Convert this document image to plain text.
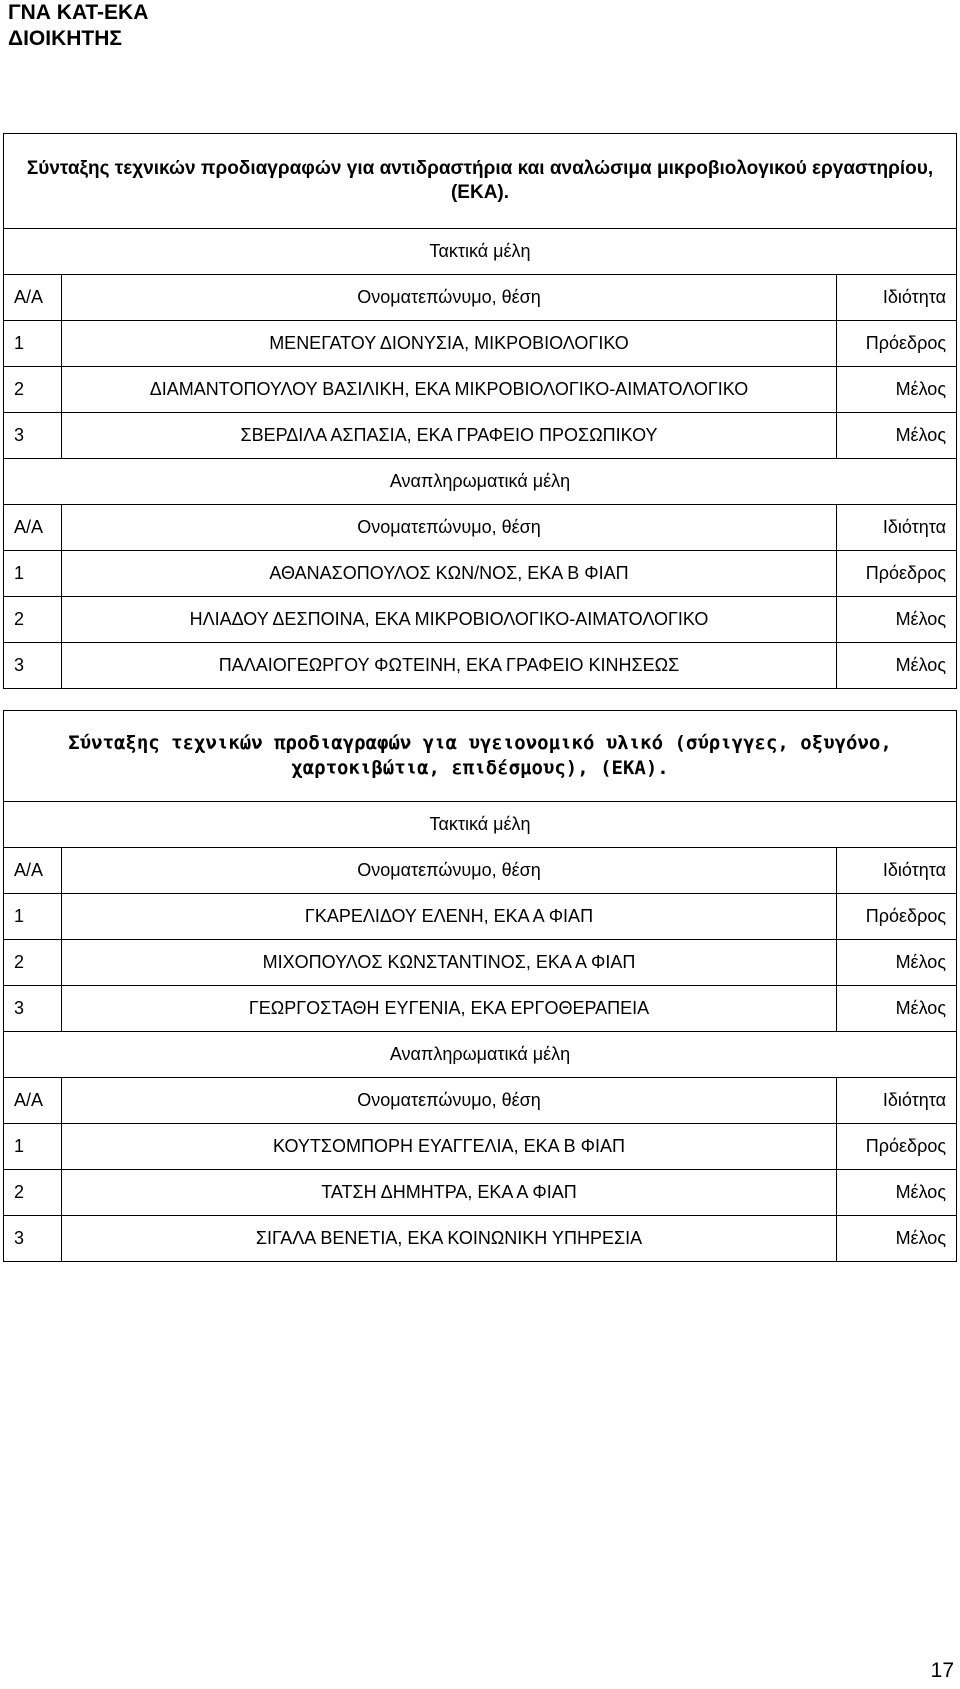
ΓΝΑ ΚΑΤ-ΕΚΑ
ΔΙΟΙΚΗΤΗΣ
Σύνταξης τεχνικών προδιαγραφών για αντιδραστήρια και αναλώσιμα μικροβιολογικού εργαστηρίου, (ΕΚΑ).		
Τακτικά μέλη		
Α/Α	Ονοματεπώνυμο, θέση	Ιδιότητα
1	ΜΕΝΕΓΑΤΟΥ ΔΙΟΝΥΣΙΑ, ΜΙΚΡΟΒΙΟΛΟΓΙΚΟ	Πρόεδρος
2	ΔΙΑΜΑΝΤΟΠΟΥΛΟΥ ΒΑΣΙΛΙΚΗ, ΕΚΑ ΜΙΚΡΟΒΙΟΛΟΓΙΚΟ-ΑΙΜΑΤΟΛΟΓΙΚΟ	Μέλος
3	ΣΒΕΡΔΙΛΑ ΑΣΠΑΣΙΑ, ΕΚΑ ΓΡΑΦΕΙΟ ΠΡΟΣΩΠΙΚΟΥ	Μέλος
Αναπληρωματικά μέλη		
Α/Α	Ονοματεπώνυμο, θέση	Ιδιότητα
1	ΑΘΑΝΑΣΟΠΟΥΛΟΣ ΚΩΝ/ΝΟΣ, ΕΚΑ Β ΦΙΑΠ	Πρόεδρος
2	ΗΛΙΑΔΟΥ ΔΕΣΠΟΙΝΑ, ΕΚΑ ΜΙΚΡΟΒΙΟΛΟΓΙΚΟ-ΑΙΜΑΤΟΛΟΓΙΚΟ	Μέλος
3	ΠΑΛΑΙΟΓΕΩΡΓΟΥ ΦΩΤΕΙΝΗ, ΕΚΑ ΓΡΑΦΕΙΟ ΚΙΝΗΣΕΩΣ	Μέλος
Σύνταξης τεχνικών προδιαγραφών για υγειονομικό υλικό (σύριγγες, οξυγόνο, χαρτοκιβώτια, επιδέσμους), (ΕΚΑ).		
Τακτικά μέλη		
Α/Α	Ονοματεπώνυμο, θέση	Ιδιότητα
1	ΓΚΑΡΕΛΙΔΟΥ ΕΛΕΝΗ, ΕΚΑ Α ΦΙΑΠ	Πρόεδρος
2	ΜΙΧΟΠΟΥΛΟΣ ΚΩΝΣΤΑΝΤΙΝΟΣ, ΕΚΑ Α ΦΙΑΠ	Μέλος
3	ΓΕΩΡΓΟΣΤΑΘΗ ΕΥΓΕΝΙΑ, ΕΚΑ ΕΡΓΟΘΕΡΑΠΕΙΑ	Μέλος
Αναπληρωματικά μέλη		
Α/Α	Ονοματεπώνυμο, θέση	Ιδιότητα
1	ΚΟΥΤΣΟΜΠΟΡΗ ΕΥΑΓΓΕΛΙΑ, ΕΚΑ Β ΦΙΑΠ	Πρόεδρος
2	ΤΑΤΣΗ ΔΗΜΗΤΡΑ, ΕΚΑ Α ΦΙΑΠ	Μέλος
3	ΣΙΓΑΛΑ ΒΕΝΕΤΙΑ, ΕΚΑ ΚΟΙΝΩΝΙΚΗ ΥΠΗΡΕΣΙΑ	Μέλος
17
